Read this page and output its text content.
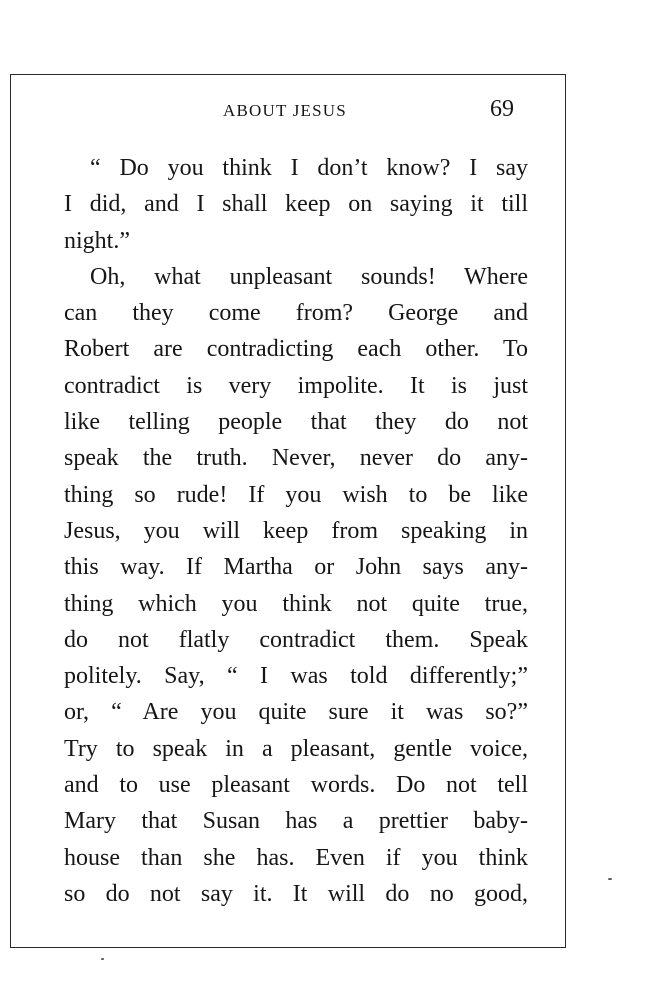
ABOUT JESUS	69
“ Do you think I don’t know? I say
I did, and I shall keep on saying it till
night.”
Oh, what unpleasant sounds! Where
can they come from? George and
Robert are contradicting each other. To
contradict is very impolite. It is just
like telling people that they do not
speak the truth. Never, never do any-
thing so rude! If you wish to be like
Jesus, you will keep from speaking in
this way. If Martha or John says any-
thing which you think not quite true,
do not flatly contradict them. Speak
politely. Say, “ I was told differently;”
or, “ Are you quite sure it was so?”
Try to speak in a pleasant, gentle voice,
and to use pleasant words. Do not tell
Mary that Susan has a prettier baby-
house than she has. Even if you think
so do not say it. It will do no good,
